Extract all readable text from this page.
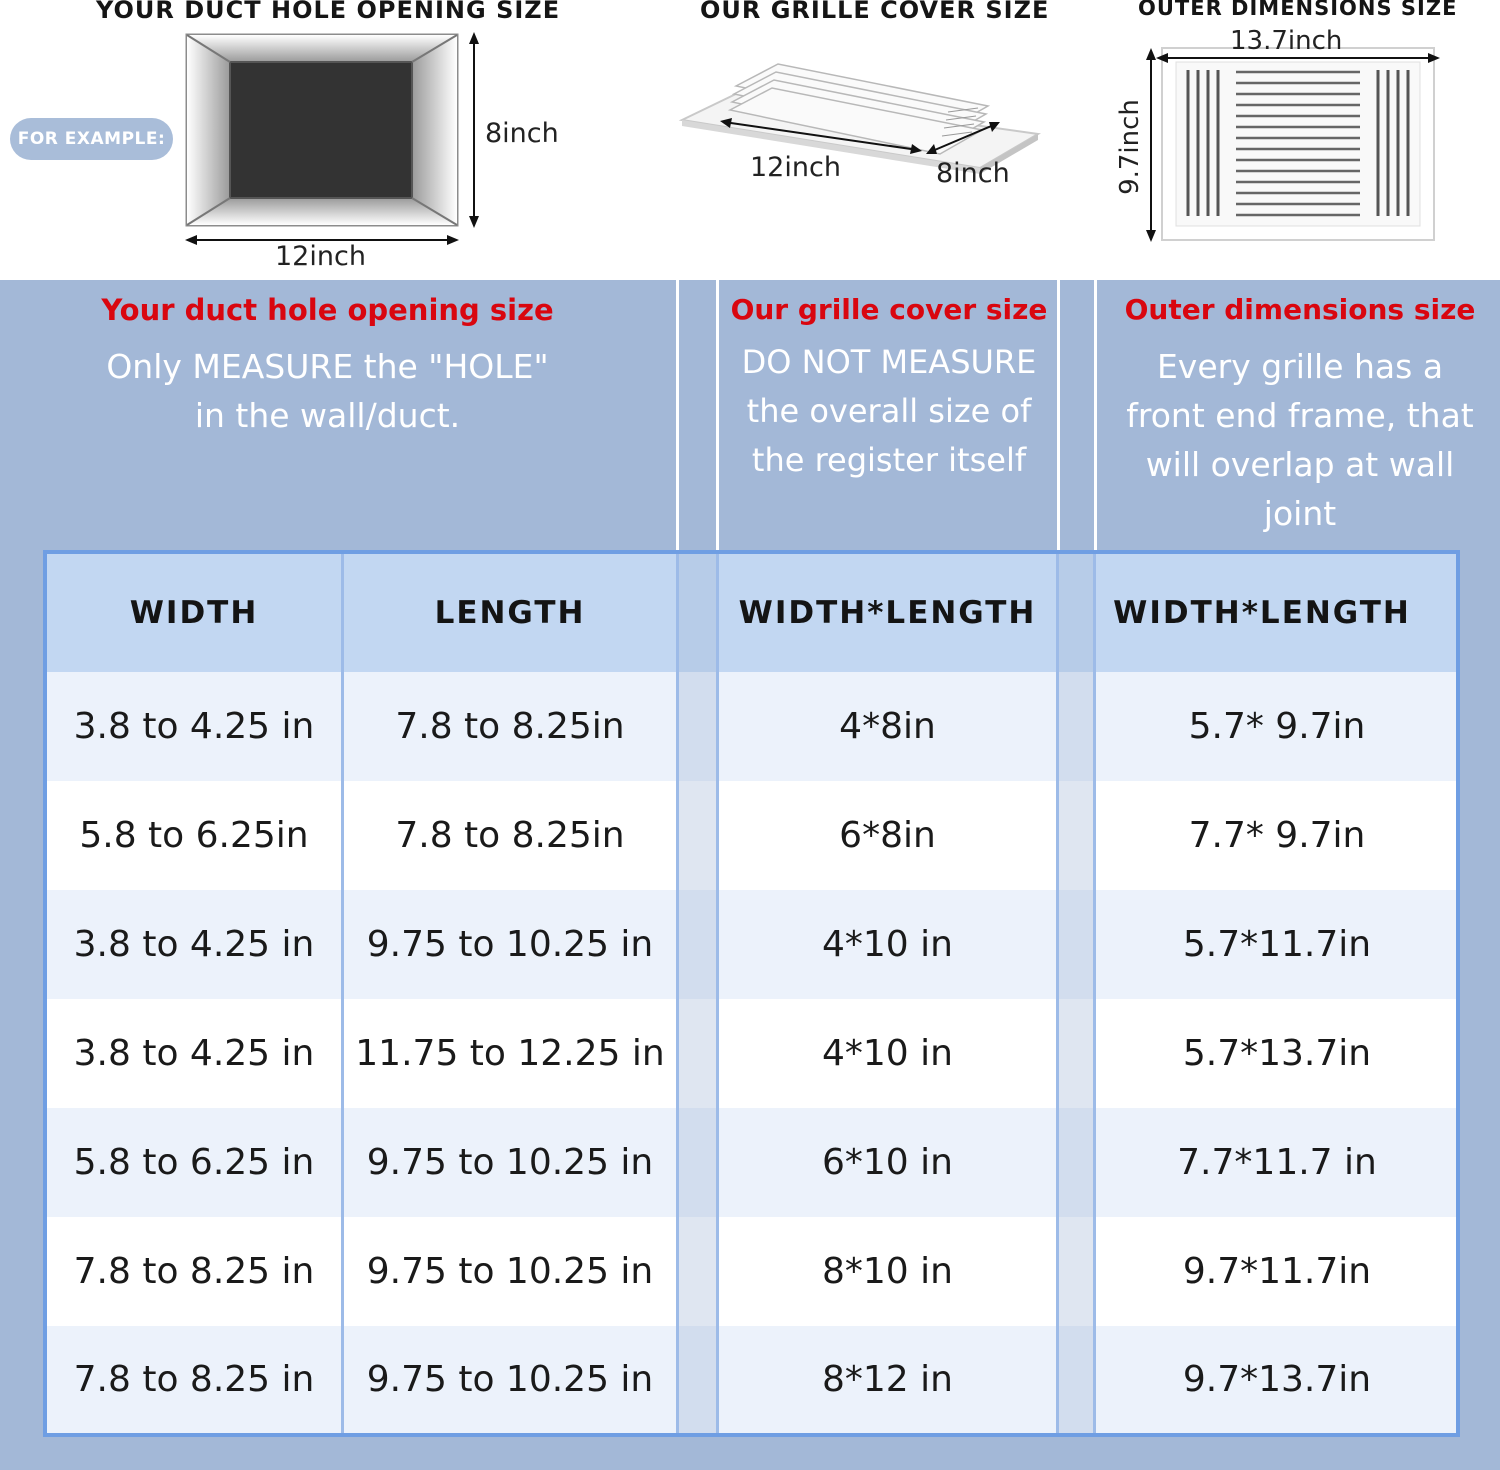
YOUR DUCT HOLE OPENING SIZE	OUR GRILLE COVER SIZE	OUTER DIMENSIONS SIZE
FOR EXAMPLE:	8inch
12inch
12inch	8inch
13.7inch
9.7inch
Your duct hole opening size
Only MEASURE the "HOLE" in the wall/duct.
Our grille cover size
DO NOT MEASURE the overall size of the register itself
Outer dimensions size
Every grille has a front end frame, that will overlap at wall joint
WIDTH	LENGTH	WIDTH*LENGTH	WIDTH*LENGTH
3.8 to 4.25 in	7.8 to 8.25in	4*8in	5.7* 9.7in
5.8 to 6.25in	7.8 to 8.25in	6*8in	7.7* 9.7in
3.8 to 4.25 in	9.75 to 10.25 in	4*10 in	5.7*11.7in
3.8 to 4.25 in	11.75 to 12.25 in	4*10 in	5.7*13.7in
5.8 to 6.25 in	9.75 to 10.25 in	6*10 in	7.7*11.7 in
7.8 to 8.25 in	9.75 to 10.25 in	8*10 in	9.7*11.7in
7.8 to 8.25 in	9.75 to 10.25 in	8*12 in	9.7*13.7in
